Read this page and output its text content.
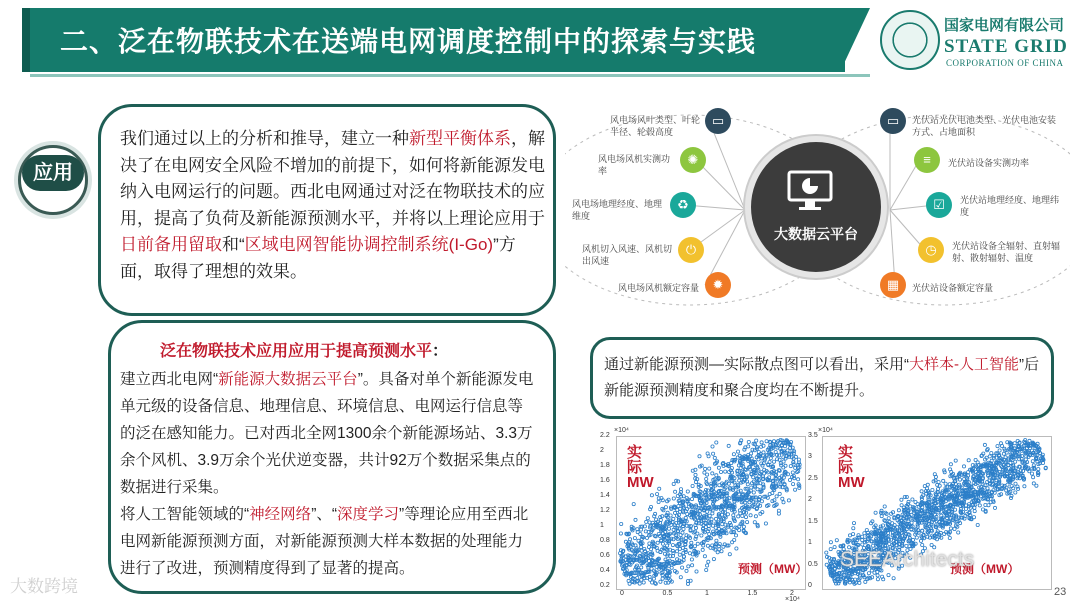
二、泛在物联技术在送端电网调度控制中的探索与实践
国家电网有限公司
STATE GRID
CORPORATION OF CHINA
应用
我们通过以上的分析和推导，建立一种新型平衡体系，解决了在电网安全风险不增加的前提下，如何将新能源发电纳入电网运行的问题。西北电网通过对泛在物联技术的应用，提高了负荷及新能源预测水平，并将以上理论应用于日前备用留取和“区域电网智能协调控制系统(I-Go)”方面，取得了理想的效果。
泛在物联技术应用应用于提高预测水平：
建立西北电网“新能源大数据云平台”。具备对单个新能源发电单元级的设备信息、地理信息、环境信息、电网运行信息等的泛在感知能力。已对西北全网1300余个新能源场站、3.3万余个风机、3.9万余个光伏逆变器，共计92万个数据采集点的数据进行采集。
将人工智能领域的“神经网络”、“深度学习”等理论应用至西北电网新能源预测方面，对新能源预测大样本数据的处理能力进行了改进，预测精度得到了显著的提高。
大数据云平台
▭
✺
♻
⏻
✹
风电场风叶类型、叶轮半径、轮毂高度
风电场风机实测功率
风电场地理经度、地理维度
风机切入风速、风机切出风速
风电场风机额定容量
▭
≡
☑
◷
▦
光伏站光伏电池类型、光伏电池安装方式、占地面积
光伏站设备实测功率
光伏站地理经度、地理纬度
光伏站设备全辐射、直射辐射、散射辐射、温度
光伏站设备额定容量
通过新能源预测—实际散点图可以看出，采用“大样本-人工智能”后新能源预测精度和聚合度均在不断提升。
实际MW
预测（MW）
×10⁴
×10⁴
2.2
2
1.8
1.6
1.4
1.2
1
0.8
0.6
0.4
0.2
0	0.5	1	1.5	2
实际MW
预测（MW）
×10⁴
3.5
3
2.5
2
1.5
1
0.5
0
23
大数跨境
SEEArchitects
